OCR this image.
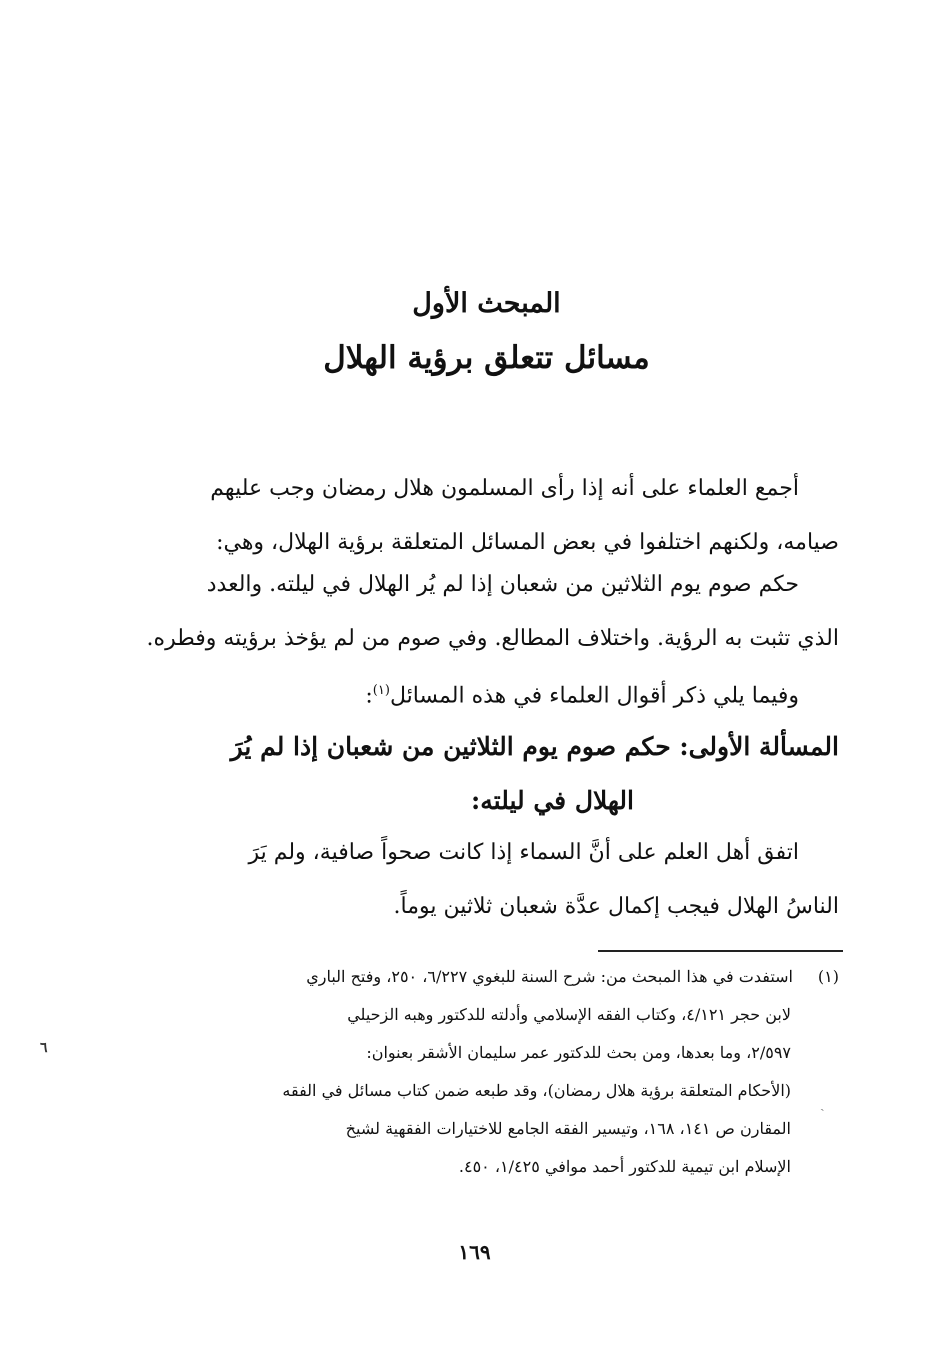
المبحث الأول
مسائل تتعلق برؤية الهلال
أجمع العلماء على أنه إذا رأى المسلمون هلال رمضان وجب عليهم
صيامه، ولكنهم اختلفوا في بعض المسائل المتعلقة برؤية الهلال، وهي:
حكم صوم يوم الثلاثين من شعبان إذا لم يُر الهلال في ليلته. والعدد
الذي تثبت به الرؤية. واختلاف المطالع. وفي صوم من لم يؤخذ برؤيته وفطره.
وفيما يلي ذكر أقوال العلماء في هذه المسائل$^{(١)}$:
المسألة الأولى: حكم صوم يوم الثلاثين من شعبان إذا لم يُرَ
الهلال في ليلته:
اتفق أهل العلم على أنَّ السماء إذا كانت صحواً صافية، ولم يَرَ
الناسُ الهلال فيجب إكمال عدَّة شعبان ثلاثين يوماً.
(١)استفدت في هذا المبحث من: شرح السنة للبغوي ٦/٢٢٧، ٢٥٠، وفتح الباري
لابن حجر ٤/١٢١، وكتاب الفقه الإسلامي وأدلته للدكتور وهبه الزحيلي
٢/٥٩٧، وما بعدها، ومن بحث للدكتور عمر سليمان الأشقر بعنوان:
(الأحكام المتعلقة برؤية هلال رمضان)، وقد طبعه ضمن كتاب مسائل في الفقه
المقارن ص ١٤١، ١٦٨، وتيسير الفقه الجامع للاختيارات الفقهية لشيخ
الإسلام ابن تيمية للدكتور أحمد موافي ١/٤٢٥، ٤٥٠.
١٦٩
٦
ˏ
